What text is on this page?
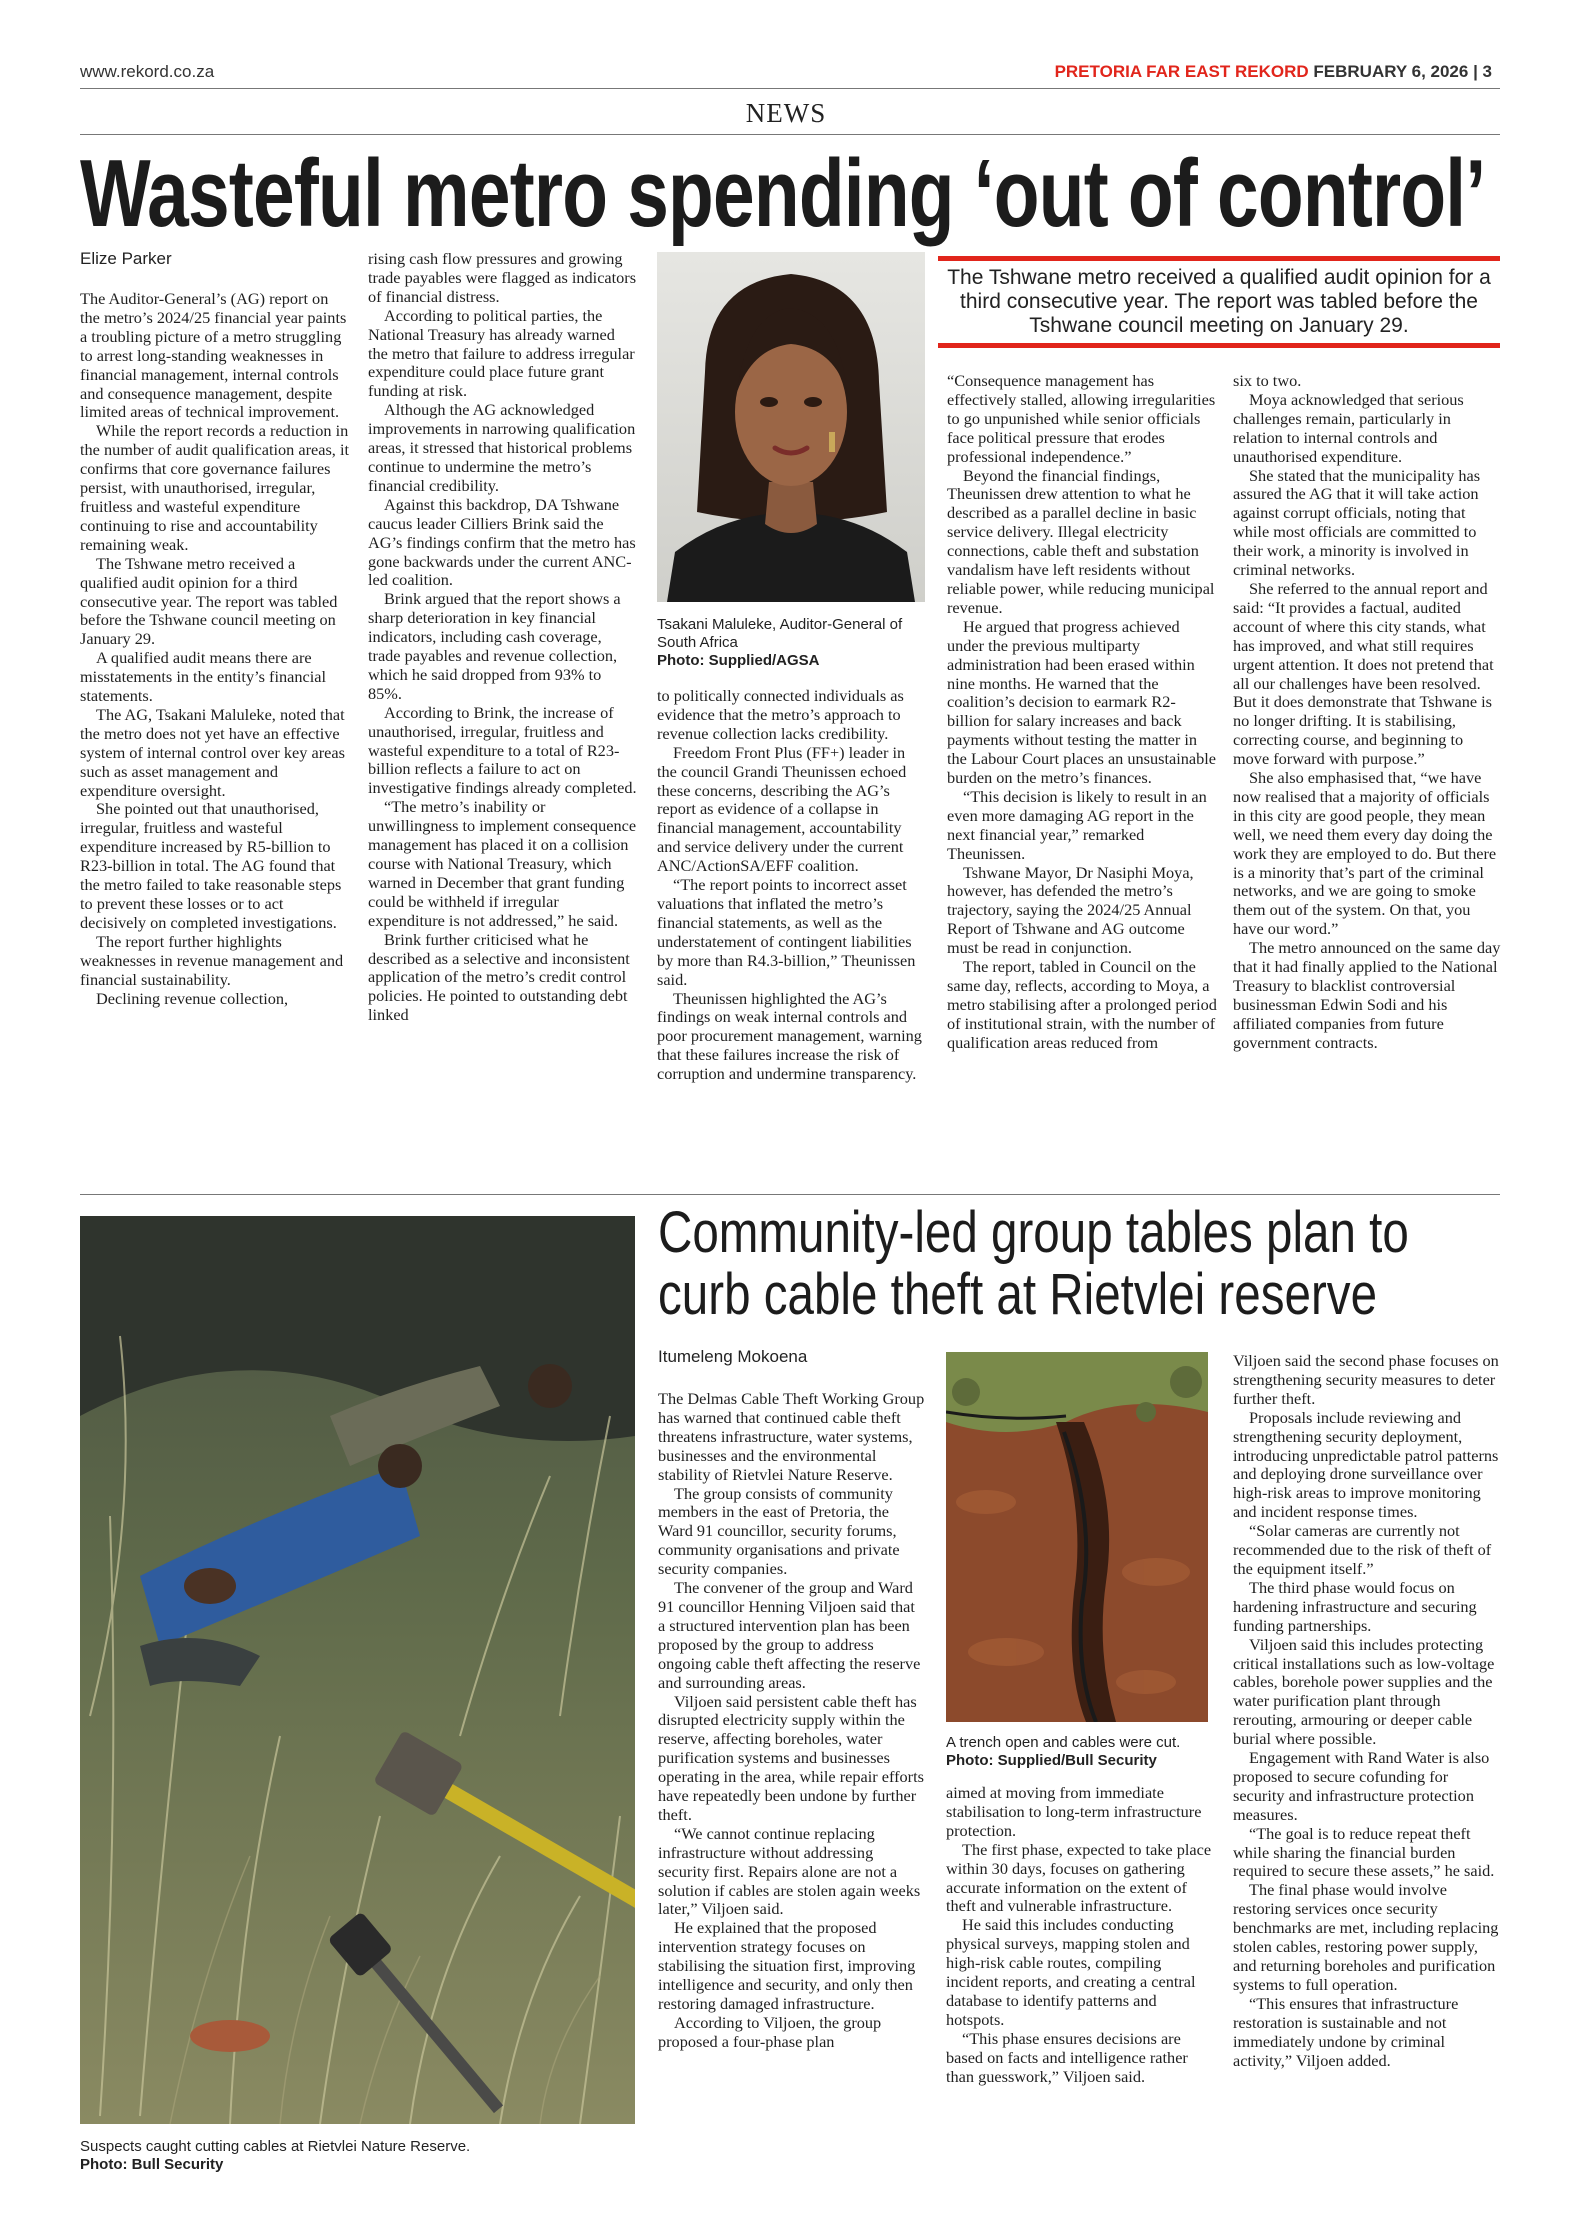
www.rekord.co.za	PRETORIA FAR EAST REKORD FEBRUARY 6, 2026 | 3
NEWS
Wasteful metro spending ‘out of control’
Elize Parker

The Auditor-General’s (AG) report on the metro’s 2024/25 financial year paints a troubling picture of a metro struggling to arrest long-standing weaknesses in financial management, internal controls and consequence management, despite limited areas of technical improvement.

While the report records a reduction in the number of audit qualification areas, it confirms that core governance failures persist, with unauthorised, irregular, fruitless and wasteful expenditure continuing to rise and accountability remaining weak.

The Tshwane metro received a qualified audit opinion for a third consecutive year. The report was tabled before the Tshwane council meeting on January 29.

A qualified audit means there are misstatements in the entity’s financial statements.

The AG, Tsakani Maluleke, noted that the metro does not yet have an effective system of internal control over key areas such as asset management and expenditure oversight.

She pointed out that unauthorised, irregular, fruitless and wasteful expenditure increased by R5-billion to R23-billion in total. The AG found that the metro failed to take reasonable steps to prevent these losses or to act decisively on completed investigations.

The report further highlights weaknesses in revenue management and financial sustainability.

Declining revenue collection,

rising cash flow pressures and growing trade payables were flagged as indicators of financial distress.

According to political parties, the National Treasury has already warned the metro that failure to address irregular expenditure could place future grant funding at risk.

Although the AG acknowledged improvements in narrowing qualification areas, it stressed that historical problems continue to undermine the metro’s financial credibility.

Against this backdrop, DA Tshwane caucus leader Cilliers Brink said the AG’s findings confirm that the metro has gone backwards under the current ANC-led coalition.

Brink argued that the report shows a sharp deterioration in key financial indicators, including cash coverage, trade payables and revenue collection, which he said dropped from 93% to 85%.

According to Brink, the increase of unauthorised, irregular, fruitless and wasteful expenditure to a total of R23-billion reflects a failure to act on investigative findings already completed.

“The metro’s inability or unwillingness to implement consequence management has placed it on a collision course with National Treasury, which warned in December that grant funding could be withheld if irregular expenditure is not addressed,” he said.

Brink further criticised what he described as a selective and inconsistent application of the metro’s credit control policies. He pointed to outstanding debt linked

Tsakani Maluleke, Auditor-General of South Africa
Photo: Supplied/AGSA

to politically connected individuals as evidence that the metro’s approach to revenue collection lacks credibility.

Freedom Front Plus (FF+) leader in the council Grandi Theunissen echoed these concerns, describing the AG’s report as evidence of a collapse in financial management, accountability and service delivery under the current ANC/ActionSA/EFF coalition.

“The report points to incorrect asset valuations that inflated the metro’s financial statements, as well as the understatement of contingent liabilities by more than R4.3-billion,” Theunissen said.

Theunissen highlighted the AG’s findings on weak internal controls and poor procurement management, warning that these failures increase the risk of corruption and undermine transparency.

The Tshwane metro received a qualified audit opinion for a third consecutive year. The report was tabled before the Tshwane council meeting on January 29.

“Consequence management has effectively stalled, allowing irregularities to go unpunished while senior officials face political pressure that erodes professional independence.”

Beyond the financial findings, Theunissen drew attention to what he described as a parallel decline in basic service delivery. Illegal electricity connections, cable theft and substation vandalism have left residents without reliable power, while reducing municipal revenue.

He argued that progress achieved under the previous multiparty administration had been erased within nine months. He warned that the coalition’s decision to earmark R2-billion for salary increases and back payments without testing the matter in the Labour Court places an unsustainable burden on the metro’s finances.

“This decision is likely to result in an even more damaging AG report in the next financial year,” remarked Theunissen.

Tshwane Mayor, Dr Nasiphi Moya, however, has defended the metro’s trajectory, saying the 2024/25 Annual Report of Tshwane and AG outcome must be read in conjunction.

The report, tabled in Council on the same day, reflects, according to Moya, a metro stabilising after a prolonged period of institutional strain, with the number of qualification areas reduced from

six to two.

Moya acknowledged that serious challenges remain, particularly in relation to internal controls and unauthorised expenditure.

She stated that the municipality has assured the AG that it will take action against corrupt officials, noting that while most officials are committed to their work, a minority is involved in criminal networks.

She referred to the annual report and said: “It provides a factual, audited account of where this city stands, what has improved, and what still requires urgent attention. It does not pretend that all our challenges have been resolved. But it does demonstrate that Tshwane is no longer drifting. It is stabilising, correcting course, and beginning to move forward with purpose.”

She also emphasised that, “we have now realised that a majority of officials in this city are good people, they mean well, we need them every day doing the work they are employed to do. But there is a minority that’s part of the criminal networks, and we are going to smoke them out of the system. On that, you have our word.”

The metro announced on the same day that it had finally applied to the National Treasury to blacklist controversial businessman Edwin Sodi and his affiliated companies from future government contracts.

Suspects caught cutting cables at Rietvlei Nature Reserve.
Photo: Bull Security
Community-led group tables plan to
curb cable theft at Rietvlei reserve
Itumeleng Mokoena

The Delmas Cable Theft Working Group has warned that continued cable theft threatens infrastructure, water systems, businesses and the environmental stability of Rietvlei Nature Reserve.

The group consists of community members in the east of Pretoria, the Ward 91 councillor, security forums, community organisations and private security companies.

The convener of the group and Ward 91 councillor Henning Viljoen said that a structured intervention plan has been proposed by the group to address ongoing cable theft affecting the reserve and surrounding areas.

Viljoen said persistent cable theft has disrupted electricity supply within the reserve, affecting boreholes, water purification systems and businesses operating in the area, while repair efforts have repeatedly been undone by further theft.

“We cannot continue replacing infrastructure without addressing security first. Repairs alone are not a solution if cables are stolen again weeks later,” Viljoen said.

He explained that the proposed intervention strategy focuses on stabilising the situation first, improving intelligence and security, and only then restoring damaged infrastructure.

According to Viljoen, the group proposed a four-phase plan

A trench open and cables were cut.
Photo: Supplied/Bull Security

aimed at moving from immediate stabilisation to long-term infrastructure protection.

The first phase, expected to take place within 30 days, focuses on gathering accurate information on the extent of theft and vulnerable infrastructure.

He said this includes conducting physical surveys, mapping stolen and high-risk cable routes, compiling incident reports, and creating a central database to identify patterns and hotspots.

“This phase ensures decisions are based on facts and intelligence rather than guesswork,” Viljoen said.

Viljoen said the second phase focuses on strengthening security measures to deter further theft.

Proposals include reviewing and strengthening security deployment, introducing unpredictable patrol patterns and deploying drone surveillance over high-risk areas to improve monitoring and incident response times.

“Solar cameras are currently not recommended due to the risk of theft of the equipment itself.”

The third phase would focus on hardening infrastructure and securing funding partnerships.

Viljoen said this includes protecting critical installations such as low-voltage cables, borehole power supplies and the water purification plant through rerouting, armouring or deeper cable burial where possible.

Engagement with Rand Water is also proposed to secure cofunding for security and infrastructure protection measures.

“The goal is to reduce repeat theft while sharing the financial burden required to secure these assets,” he said.

The final phase would involve restoring services once security benchmarks are met, including replacing stolen cables, restoring power supply, and returning boreholes and purification systems to full operation.

“This ensures that infrastructure restoration is sustainable and not immediately undone by criminal activity,” Viljoen added.
